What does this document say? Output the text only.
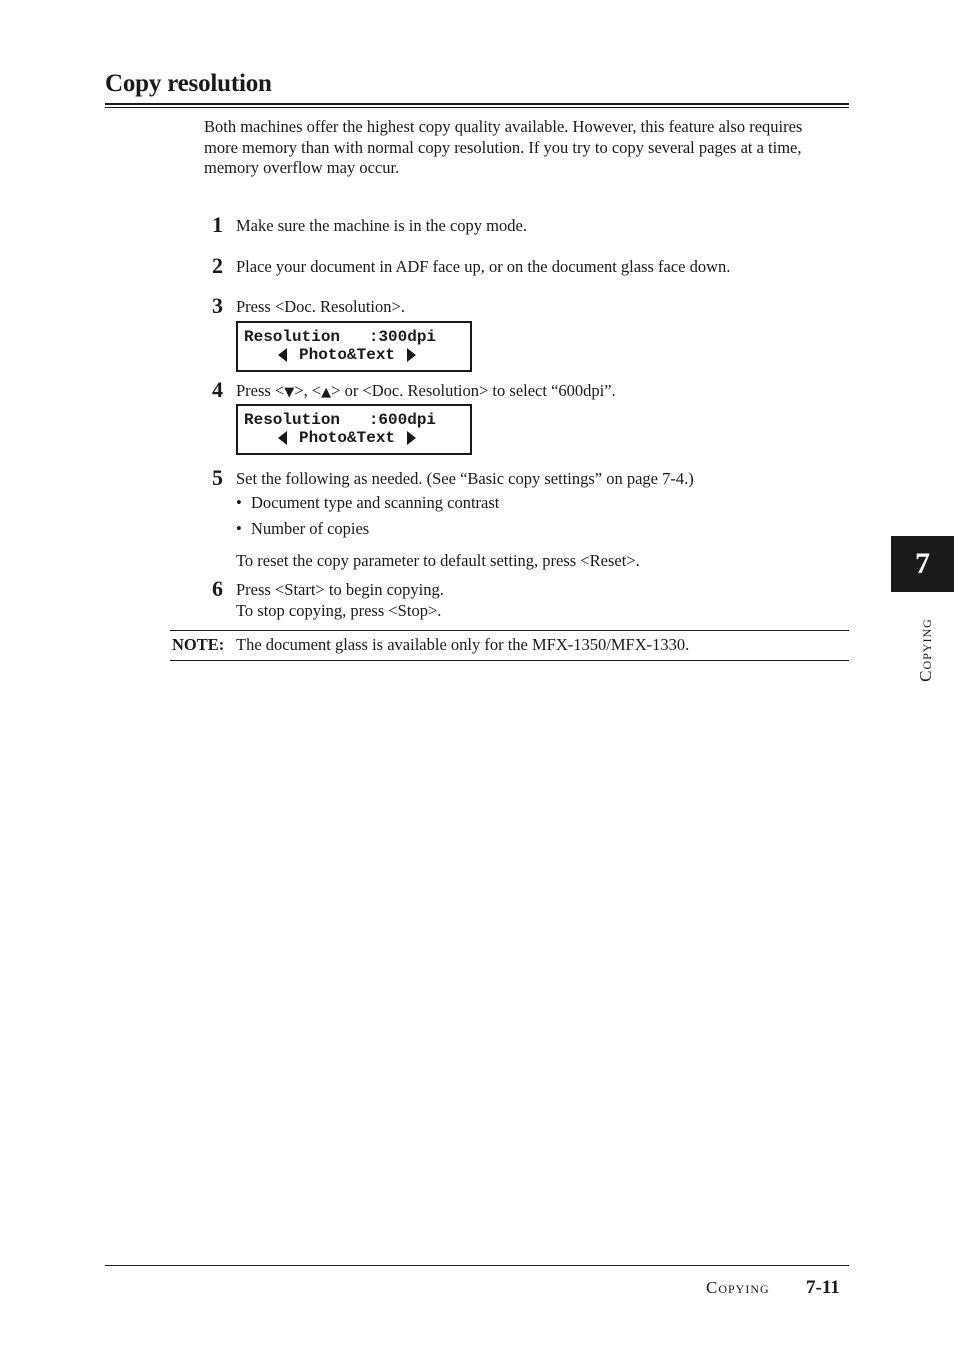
Copy resolution

Both machines offer the highest copy quality available. However, this feature also requires more memory than with normal copy resolution. If you try to copy several pages at a time, memory overflow may occur.

1 Make sure the machine is in the copy mode.

2 Place your document in ADF face up, or on the document glass face down.

3 Press <Doc. Resolution>.

Resolution   :300dpi
Photo&Text
4 Press <▼>, <▲> or <Doc. Resolution> to select “600dpi”.

Resolution   :600dpi
Photo&Text
5 Set the following as needed. (See “Basic copy settings” on page 7-4.)

• Document type and scanning contrast
• Number of copies

To reset the copy parameter to default setting, press <Reset>.

6 Press <Start> to begin copying.

To stop copying, press <Stop>.

NOTE: The document glass is available only for the MFX-1350/MFX-1330.
7
Copying
Copying 7-11
